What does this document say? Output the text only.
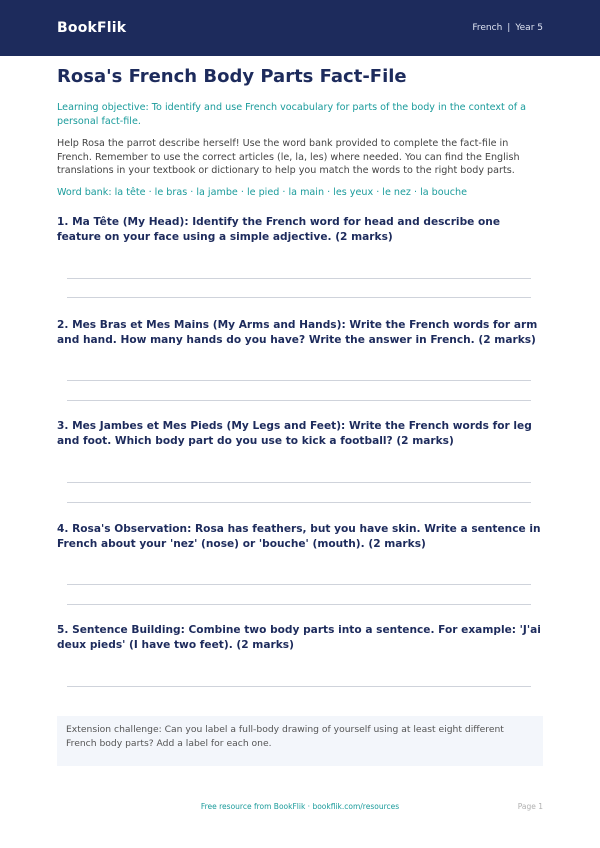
BookFlik	French | Year 5
Rosa's French Body Parts Fact-File
Learning objective: To identify and use French vocabulary for parts of the body in the context of a personal fact-file.
Help Rosa the parrot describe herself! Use the word bank provided to complete the fact-file in French. Remember to use the correct articles (le, la, les) where needed. You can find the English translations in your textbook or dictionary to help you match the words to the right body parts.
Word bank: la tête · le bras · la jambe · le pied · la main · les yeux · le nez · la bouche
1. Ma Tête (My Head): Identify the French word for head and describe one feature on your face using a simple adjective. (2 marks)
2. Mes Bras et Mes Mains (My Arms and Hands): Write the French words for arm and hand. How many hands do you have? Write the answer in French. (2 marks)
3. Mes Jambes et Mes Pieds (My Legs and Feet): Write the French words for leg and foot. Which body part do you use to kick a football? (2 marks)
4. Rosa's Observation: Rosa has feathers, but you have skin. Write a sentence in French about your 'nez' (nose) or 'bouche' (mouth). (2 marks)
5. Sentence Building: Combine two body parts into a sentence. For example: 'J'ai deux pieds' (I have two feet). (2 marks)
Extension challenge: Can you label a full-body drawing of yourself using at least eight different French body parts? Add a label for each one.
Free resource from BookFlik · bookflik.com/resources	Page 1
